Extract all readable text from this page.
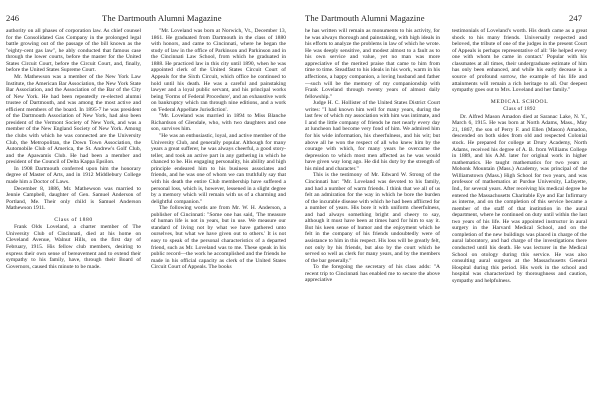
246	The Dartmouth Alumni Magazine

authority on all phases of corporation law. As chief counsel for the Consolidated Gas Company in the prolonged legal battle growing out of the passage of the bill known as the "eighty-cent gas law", he ably conducted that famous case through the lower courts, before the master for the United States Circuit Court, before the Circuit Court, and, finally, before the United States Supreme Court.

Mr. Mathewson was a member of the New York Law Institute, the American Bar Association, the New York State Bar Association, and the Association of the Bar of the City of New York. He had been repeatedly re-elected alumni trustee of Dartmouth, and was among the most active and efficient members of the board. In 1895-7 he was president of the Dartmouth Association of New York, had also been president of the Vermont Society of New York, and was a member of the New England Society of New York. Among the clubs with which he was connected are the University Club, the Metropolitan, the Down Town Association, the Automobile Club of America, the St. Andrew's Golf Club, and the Apawamis Club. He had been a member and president of the Council of Delta Kappa Epsilon.

In 1908 Dartmouth conferred upon him the honorary degree of Master of Arts, and in 1912 Middlebury College made him a Doctor of Laws.

December 8, 1886, Mr. Mathewson was married to Jennie Campbell, daughter of Gen. Samuel Anderson of Portland, Me. Their only child is Samuel Anderson Mathewson 1911.

Class of 1880

Frank Olds Loveland, a charter member of The University Club of Cincinnati, died at his home on Cleveland Avenue, Walnut Hills, on the first day of February, 1915. His fellow club members, desiring to express their own sense of bereavement and to extend their sympathy to his family, have, through their Board of Governors, caused this minute to be made.

"Mr. Loveland was born at Norwich, Vt., December 13, 1861. He graduated from Dartmouth in the class of 1880 with honors, and came to Cincinnati, where he began the study of law in the office of Parkinson and Parkinson and in the Cincinnati Law School, from which he graduated in 1888. He practiced law in this city until 1890, when he was appointed clerk of the United States Circuit Court of Appeals for the Sixth Circuit, which office he continued to hold until his death. He was a careful and painstaking lawyer and a loyal public servant, and his principal works being 'Forms of Federal Procedure', and an exhaustive work on bankruptcy which ran through nine editions, and a work on 'Federal Appellate Jurisdiction'.

"Mr. Loveland was married in 1894 to Miss Blanche Richardson of Glendale, who, with two daughters and one son, survives him.

"He was an enthusiastic, loyal, and active member of the University Club, and generally popular. Although for many years a great sufferer, he was always cheerful, a good story-teller, and took an active part in any gathering in which he chanced to be. His engaging personality, his ability and high principle endeared him to his business associates and friends, and he was one of whom we can truthfully say that with his death the entire Club membership have suffered a personal loss, which is, however, lessened in a slight degree by a memory which will remain with us of a charming and delightful companion."

The following words are from Mr. W. H. Anderson, a publisher of Cincinnati: "Some one has said, 'The measure of human life is not in years, but in use. We measure our standard of living not by what we have gathered unto ourselves, but what we have given out to others.' It is not easy to speak of the personal characteristics of a departed friend, such as Mr. Loveland was to me. These speak in his public record—the work he accomplished and the friends he made in his official capacity as clerk of the United States Circuit Court of Appeals. The books

The Dartmouth Alumni Magazine	247

he has written will remain as monuments to his activity, for he was always thorough and painstaking, with high ideals in his efforts to analyze the problems in law of which he wrote. He was deeply sensitive, and modest almost to a fault as to his own service and value, yet no man was more appreciative of the merited praise that came to him from time to time. Steadfast to his ideals in his work, warm in his affections, a happy companion, a loving husband and father—such will be the memory of my companionship with Frank Loveland through twenty years of almost daily fellowship."

Judge H. C. Hollister of the United States District Court writes: "I had known him well for many years, during the last few of which my association with him was intimate, and I and the little company of friends he met nearly every day at luncheon had become very fond of him. We admired him for his wide information, his cheerfulness, and his wit; but above all he won the respect of all who knew him by the courage with which, for many years he overcame the depression to which most men affected as he was would have given way long ago. He did his duty by the strength of his mind and character."

This is the testimony of Mr. Edward W. Strong of the Cincinnati bar: "Mr. Loveland was devoted to his family, and had a number of warm friends. I think that we all of us felt an admiration for the way in which he bore the burden of the incurable disease with which he had been afflicted for a number of years. His bore it with uniform cheerfulness, and had always something bright and cheery to say, although it must have been at times hard for him to say it. But his keen sense of humor and the enjoyment which he felt in the company of his friends undoubtedly were of assistance to him in this respect. His loss will be greatly felt, not only by his friends, but also by the court which he served so well as clerk for many years, and by the members of the bar generally."

To the foregoing the secretary of his class adds: "A recent trip to Cincinnati has enabled me to secure the above appreciative

testimonials of Loveland's worth. His death came as a great shock to his many friends. Universally respected and beloved, the tribute of one of the judges in the present Court of Appeals is perhaps representative of all: 'He helped every one with whom he came in contact.' Popular with his classmates at all times, their undergraduate estimate of him has only been enhanced, and while his early decease is a source of profound sorrow, the example of his life and attainments will remain a rich heritage to all. Our deepest sympathy goes out to Mrs. Loveland and her family."

MEDICAL SCHOOL

Class of 1892

Dr. Alfred Mason Amadon died at Saranac Lake, N. Y., March 6, 1915. He was born at North Adams, Mass., May 21, 1867, the son of Perry F. and Ellen (Mason) Amadon, descended on both sides from old and respected Colonial stock. He prepared for college at Drury Academy, North Adams, received his degree of A. B. from Williams College in 1889, and his A.M. later for original work in higher mathematics. He taught mathematics for two years at Mohonk Mountain (Mass.) Academy, was principal of the Williamstown (Mass.) High School for two years, and was professor of mathematics at Purdue University, Lafayette, Ind., for several years. After receiving his medical degree he entered the Massachusetts Charitable Eye and Ear Infirmary as interne, and on the completion of this service became a member of the staff of that institution in the aural department, where he continued on duty until within the last two years of his life. He was appointed instructor in aural surgery in the Harvard Medical School, and on the completion of the new buildings was placed in charge of the aural laboratory, and had charge of the investigations there conducted until his death. He was lecturer in the Medical School on otology during this service. He was also consulting aural surgeon at the Massachusetts General Hospital during this period. His work in the school and hospital was characterized by thoroughness and caution, sympathy and helpfulness.
